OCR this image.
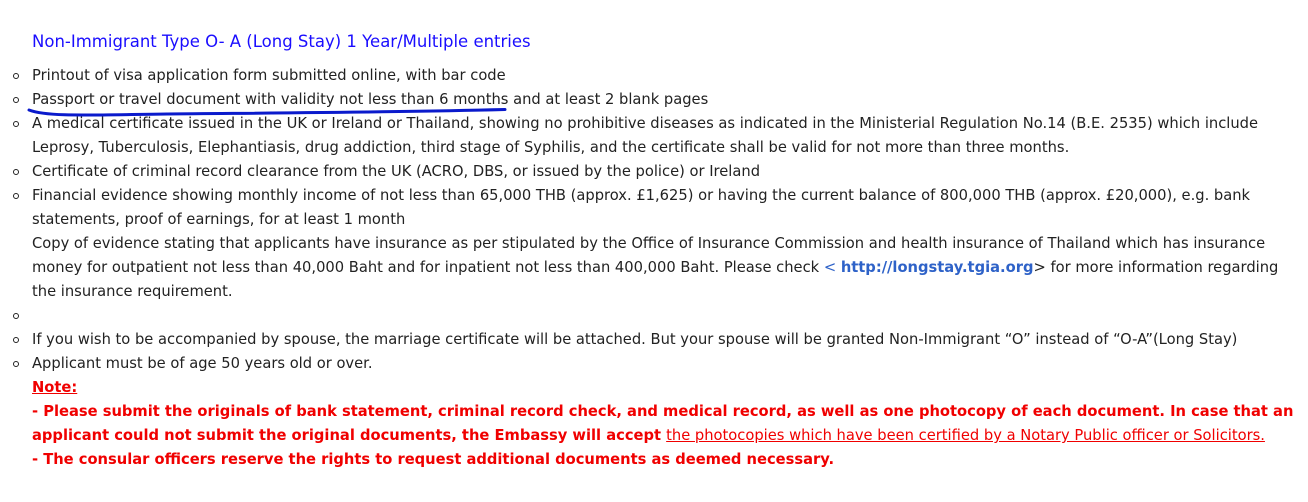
Non-Immigrant Type O- A (Long Stay) 1 Year/Multiple entries
Printout of visa application form submitted online, with bar code
Passport or travel document with validity not less than 6 months and at least 2 blank pages
A medical certificate issued in the UK or Ireland or Thailand, showing no prohibitive diseases as indicated in the Ministerial Regulation No.14 (B.E. 2535) which include Leprosy, Tuberculosis, Elephantiasis, drug addiction, third stage of Syphilis, and the certificate shall be valid for not more than three months.
Certificate of criminal record clearance from the UK (ACRO, DBS, or issued by the police) or Ireland
Financial evidence showing monthly income of not less than 65,000 THB (approx. £1,625) or having the current balance of 800,000 THB (approx. £20,000), e.g. bank statements, proof of earnings, for at least 1 month
Copy of evidence stating that applicants have insurance as per stipulated by the Office of Insurance Commission and health insurance of Thailand which has insurance money for outpatient not less than 40,000 Baht and for inpatient not less than 400,000 Baht. Please check < http://longstay.tgia.org> for more information regarding the insurance requirement.
If you wish to be accompanied by spouse, the marriage certificate will be attached. But your spouse will be granted Non-Immigrant “O” instead of “O-A”(Long Stay)
Applicant must be of age 50 years old or over.
Note:
- Please submit the originals of bank statement, criminal record check, and medical record, as well as one photocopy of each document. In case that an applicant could not submit the original documents, the Embassy will accept the photocopies which have been certified by a Notary Public officer or Solicitors.
- The consular officers reserve the rights to request additional documents as deemed necessary.
